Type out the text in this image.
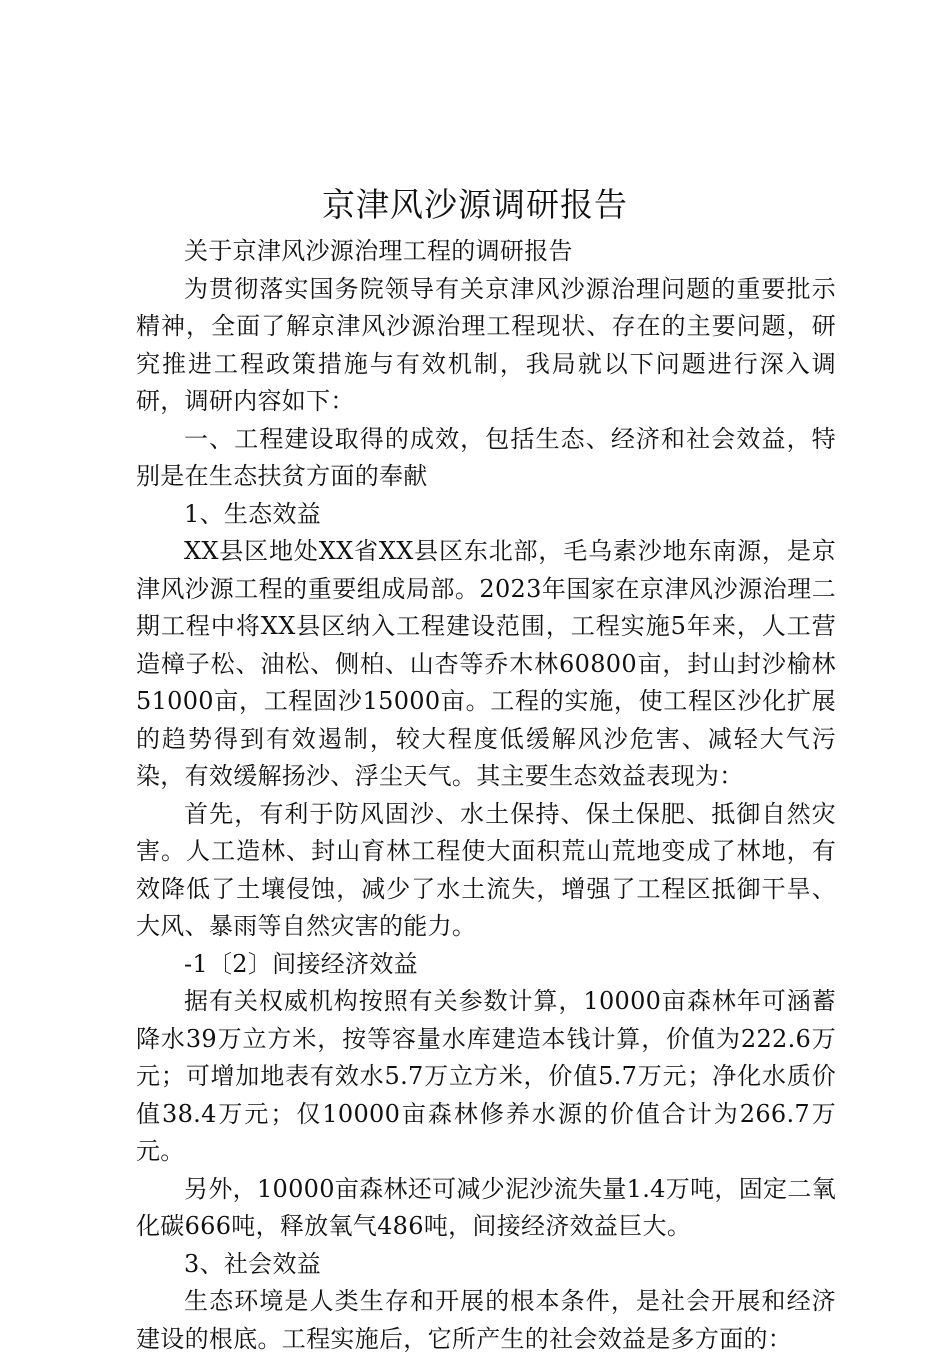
京津风沙源调研报告

关于京津风沙源治理工程的调研报告

为贯彻落实国务院领导有关京津风沙源治理问题的重要批示精神，全面了解京津风沙源治理工程现状、存在的主要问题，研究推进工程政策措施与有效机制，我局就以下问题进行深入调研，调研内容如下：

一、工程建设取得的成效，包括生态、经济和社会效益，特别是在生态扶贫方面的奉献

1、生态效益

XX县区地处XX省XX县区东北部，毛乌素沙地东南源，是京津风沙源工程的重要组成局部。2023年国家在京津风沙源治理二期工程中将XX县区纳入工程建设范围，工程实施5年来，人工营造樟子松、油松、侧柏、山杏等乔木林60800亩，封山封沙榆林51000亩，工程固沙15000亩。工程的实施，使工程区沙化扩展的趋势得到有效遏制，较大程度低缓解风沙危害、减轻大气污染，有效缓解扬沙、浮尘天气。其主要生态效益表现为：

首先，有利于防风固沙、水土保持、保土保肥、抵御自然灾害。人工造林、封山育林工程使大面积荒山荒地变成了林地，有效降低了土壤侵蚀，减少了水土流失，增强了工程区抵御干旱、大风、暴雨等自然灾害的能力。

-1〔2〕间接经济效益

据有关权威机构按照有关参数计算，10000亩森林年可涵蓄降水39万立方米，按等容量水库建造本钱计算，价值为222.6万元；可增加地表有效水5.7万立方米，价值5.7万元；净化水质价值38.4万元；仅10000亩森林修养水源的价值合计为266.7万元。

另外，10000亩森林还可减少泥沙流失量1.4万吨，固定二氧化碳666吨，释放氧气486吨，间接经济效益巨大。

3、社会效益

生态环境是人类生存和开展的根本条件，是社会开展和经济建设的根底。工程实施后，它所产生的社会效益是多方面的：
